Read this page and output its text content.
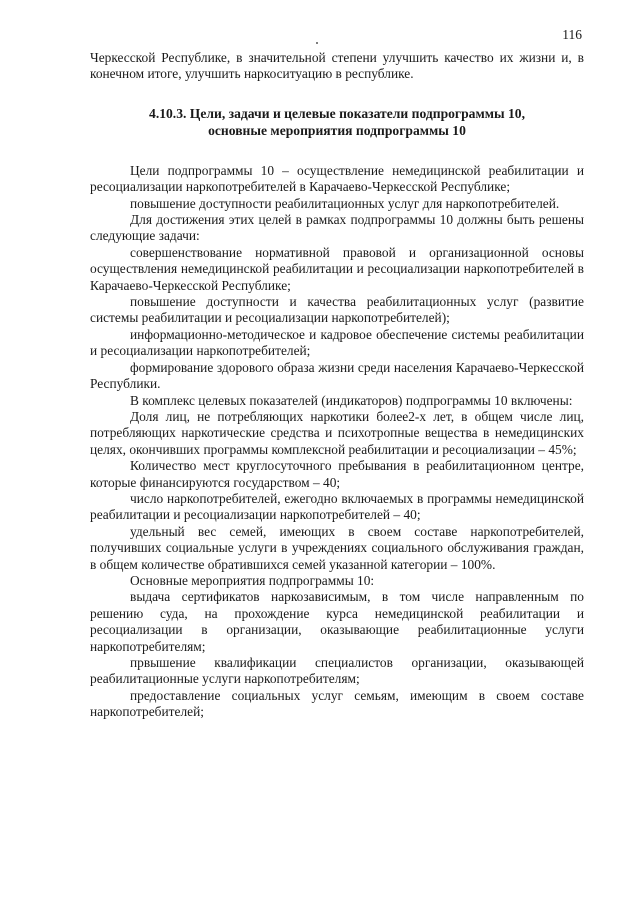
116

Черкесской Республике, в значительной степени улучшить качество их жизни и, в конечном итоге, улучшить наркоситуацию в республике.

4.10.3. Цели, задачи и целевые показатели подпрограммы 10,
основные мероприятия подпрограммы 10

Цели подпрограммы 10 – осуществление немедицинской реабилитации и ресоциализации наркопотребителей в Карачаево-Черкесской Республике;

повышение доступности реабилитационных услуг для наркопотребителей.

Для достижения этих целей в рамках подпрограммы 10 должны быть решены следующие задачи:

совершенствование нормативной правовой и организационной основы осуществления немедицинской реабилитации и ресоциализации наркопотребителей в Карачаево-Черкесской Республике;

повышение доступности и качества реабилитационных услуг (развитие системы реабилитации и ресоциализации наркопотребителей);

информационно-методическое и кадровое обеспечение системы реабилитации и ресоциализации наркопотребителей;

формирование здорового образа жизни среди населения Карачаево-Черкесской Республики.

В комплекс целевых показателей (индикаторов) подпрограммы 10 включены:

Доля лиц, не потребляющих наркотики более2-х лет, в общем числе лиц, потребляющих наркотические средства и психотропные вещества в немедицинских целях, окончивших программы комплексной реабилитации и ресоциализации – 45%;

Количество мест круглосуточного пребывания в реабилитационном центре, которые финансируются государством – 40;

число наркопотребителей, ежегодно включаемых в программы немедицинской реабилитации и ресоциализации наркопотребителей – 40;

удельный вес семей, имеющих в своем составе наркопотребителей, получивших социальные услуги в учреждениях социального обслуживания граждан, в общем количестве обратившихся семей указанной категории – 100%.

Основные мероприятия подпрограммы 10:

выдача сертификатов наркозависимым, в том числе направленным по решению суда, на прохождение курса немедицинской реабилитации и ресоциализации в организации, оказывающие реабилитационные услуги наркопотребителям;

првышение квалификации специалистов организации, оказывающей реабилитационные услуги наркопотребителям;

предоставление социальных услуг семьям, имеющим в своем составе наркопотребителей;
